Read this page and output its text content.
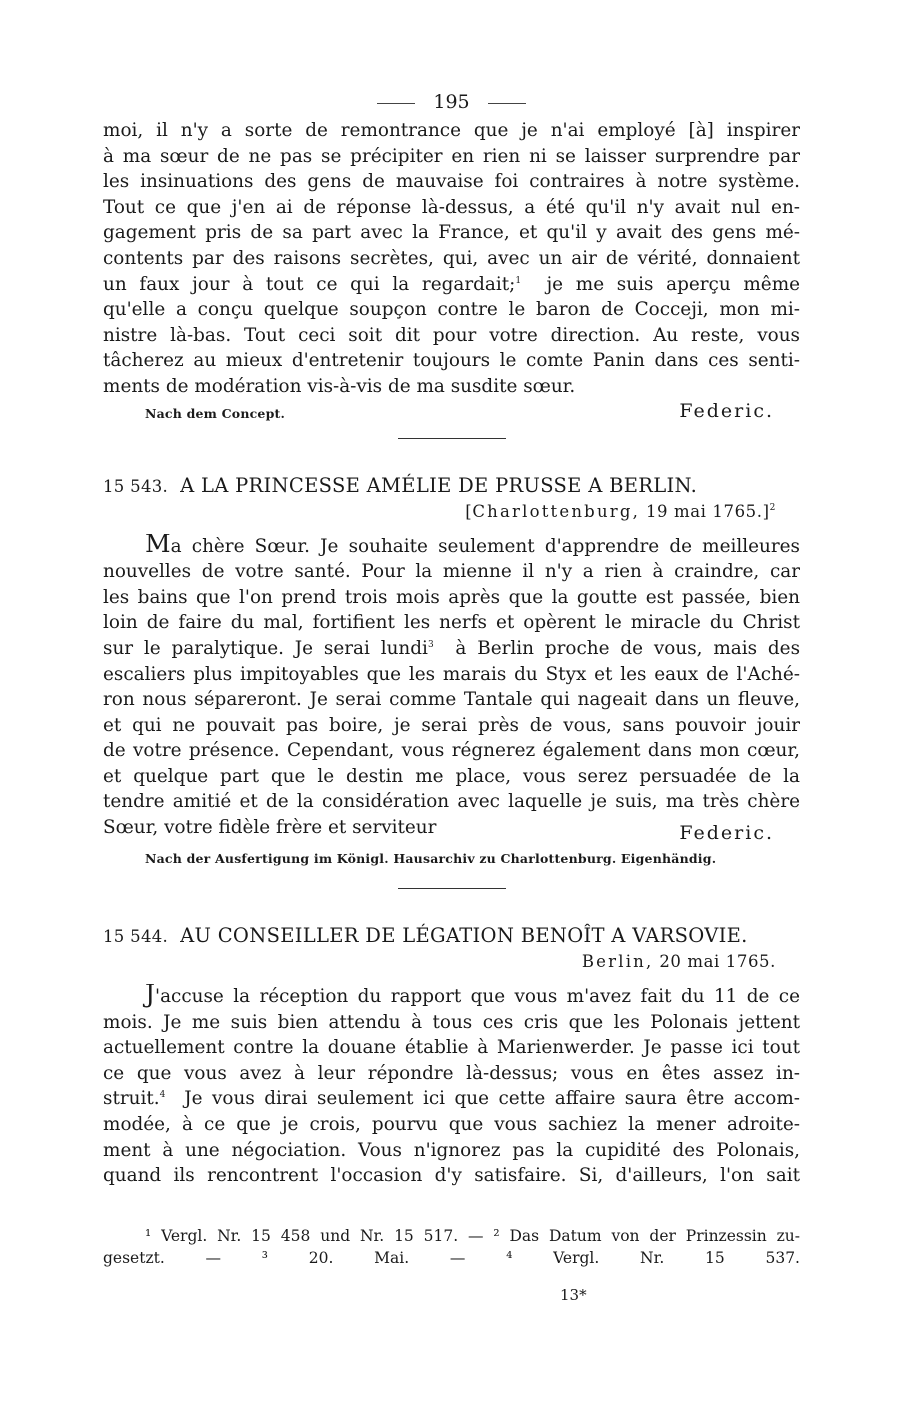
195
moi, il n'y a sorte de remontrance que je n'ai employé [à] inspirer
à ma sœur de ne pas se précipiter en rien ni se laisser surprendre par
les insinuations des gens de mauvaise foi contraires à notre système.
Tout ce que j'en ai de réponse là-dessus, a été qu'il n'y avait nul en-
gagement pris de sa part avec la France, et qu'il y avait des gens mé-
contents par des raisons secrètes, qui, avec un air de vérité, donnaient
un faux jour à tout ce qui la regardait;$^1$ je me suis aperçu même
qu'elle a conçu quelque soupçon contre le baron de Cocceji, mon mi-
nistre là-bas. Tout ceci soit dit pour votre direction. Au reste, vous
tâcherez au mieux d'entretenir toujours le comte Panin dans ces senti-
ments de modération vis-à-vis de ma susdite sœur.
Nach dem Concept.	Federic.
15 543. A LA PRINCESSE AMÉLIE DE PRUSSE A BERLIN.
[Charlottenburg, 19 mai 1765.]$^2$
Ma chère Sœur. Je souhaite seulement d'apprendre de meilleures
nouvelles de votre santé. Pour la mienne il n'y a rien à craindre, car
les bains que l'on prend trois mois après que la goutte est passée, bien
loin de faire du mal, fortifient les nerfs et opèrent le miracle du Christ
sur le paralytique. Je serai lundi$^3$ à Berlin proche de vous, mais des
escaliers plus impitoyables que les marais du Styx et les eaux de l'Aché-
ron nous sépareront. Je serai comme Tantale qui nageait dans un fleuve,
et qui ne pouvait pas boire, je serai près de vous, sans pouvoir jouir
de votre présence. Cependant, vous régnerez également dans mon cœur,
et quelque part que le destin me place, vous serez persuadée de la
tendre amitié et de la considération avec laquelle je suis, ma très chère
Sœur, votre fidèle frère et serviteur	Federic.
Nach der Ausfertigung im Königl. Hausarchiv zu Charlottenburg. Eigenhändig.
15 544. AU CONSEILLER DE LÉGATION BENOÎT A VARSOVIE.
Berlin, 20 mai 1765.
J'accuse la réception du rapport que vous m'avez fait du 11 de ce
mois. Je me suis bien attendu à tous ces cris que les Polonais jettent
actuellement contre la douane établie à Marienwerder. Je passe ici tout
ce que vous avez à leur répondre là-dessus; vous en êtes assez in-
struit.$^4$ Je vous dirai seulement ici que cette affaire saura être accom-
modée, à ce que je crois, pourvu que vous sachiez la mener adroite-
ment à une négociation. Vous n'ignorez pas la cupidité des Polonais,
quand ils rencontrent l'occasion d'y satisfaire. Si, d'ailleurs, l'on sait
¹ Vergl. Nr. 15 458 und Nr. 15 517. — ² Das Datum von der Prinzessin zu-
gesetzt. — ³ 20. Mai. — ⁴ Vergl. Nr. 15 537.
13*
